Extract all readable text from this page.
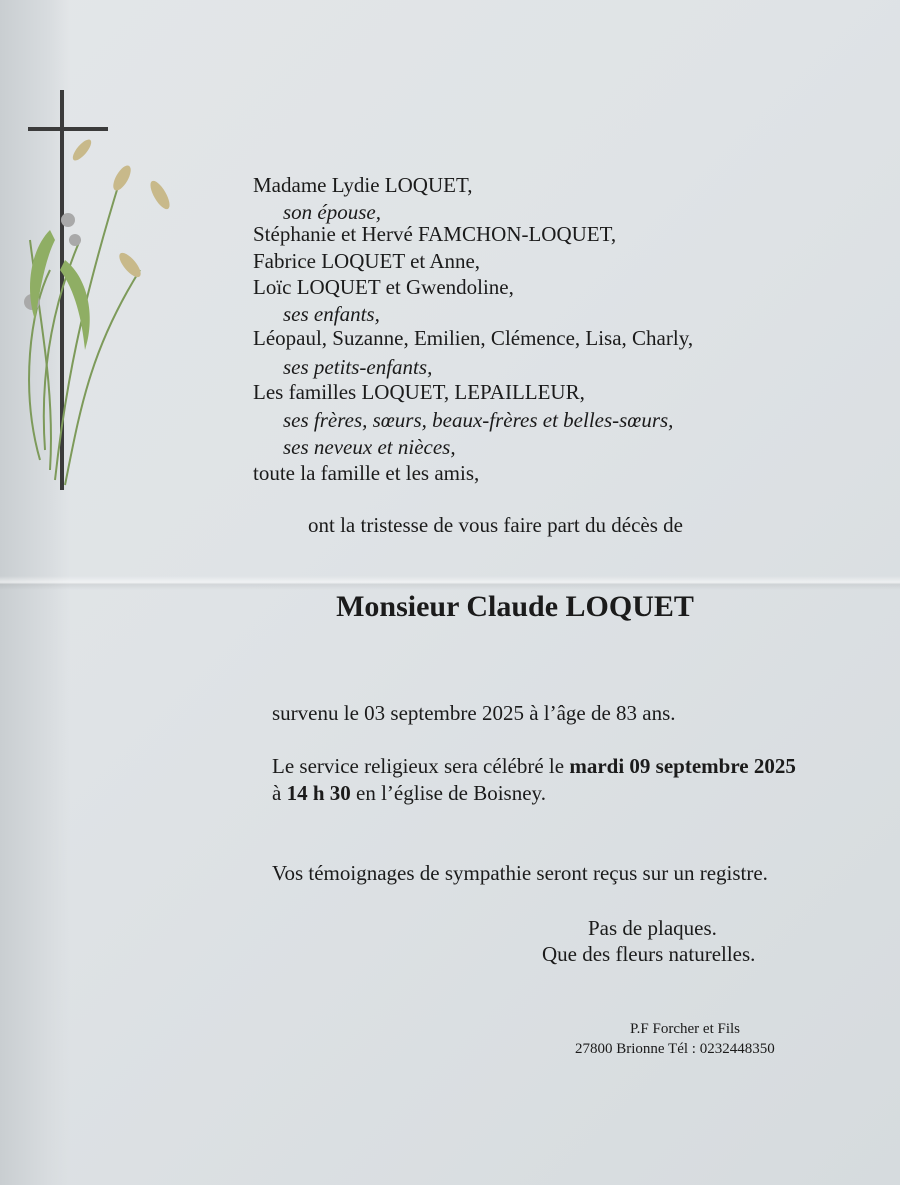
Madame Lydie LOQUET,
son épouse,
Stéphanie et Hervé FAMCHON-LOQUET,
Fabrice LOQUET et Anne,
Loïc LOQUET et Gwendoline,
ses enfants,
Léopaul, Suzanne, Emilien, Clémence, Lisa, Charly,
ses petits-enfants,
Les familles LOQUET, LEPAILLEUR,
ses frères, sœurs, beaux-frères et belles-sœurs,
ses neveux et nièces,
toute la famille et les amis,
ont la tristesse de vous faire part du décès de
Monsieur Claude LOQUET
survenu le 03 septembre 2025 à l’âge de 83 ans.
Le service religieux sera célébré le mardi 09 septembre 2025
à 14 h 30 en l’église de Boisney.
Vos témoignages de sympathie seront reçus sur un registre.
Pas de plaques.
Que des fleurs naturelles.
P.F Forcher et Fils
27800 Brionne Tél : 0232448350
